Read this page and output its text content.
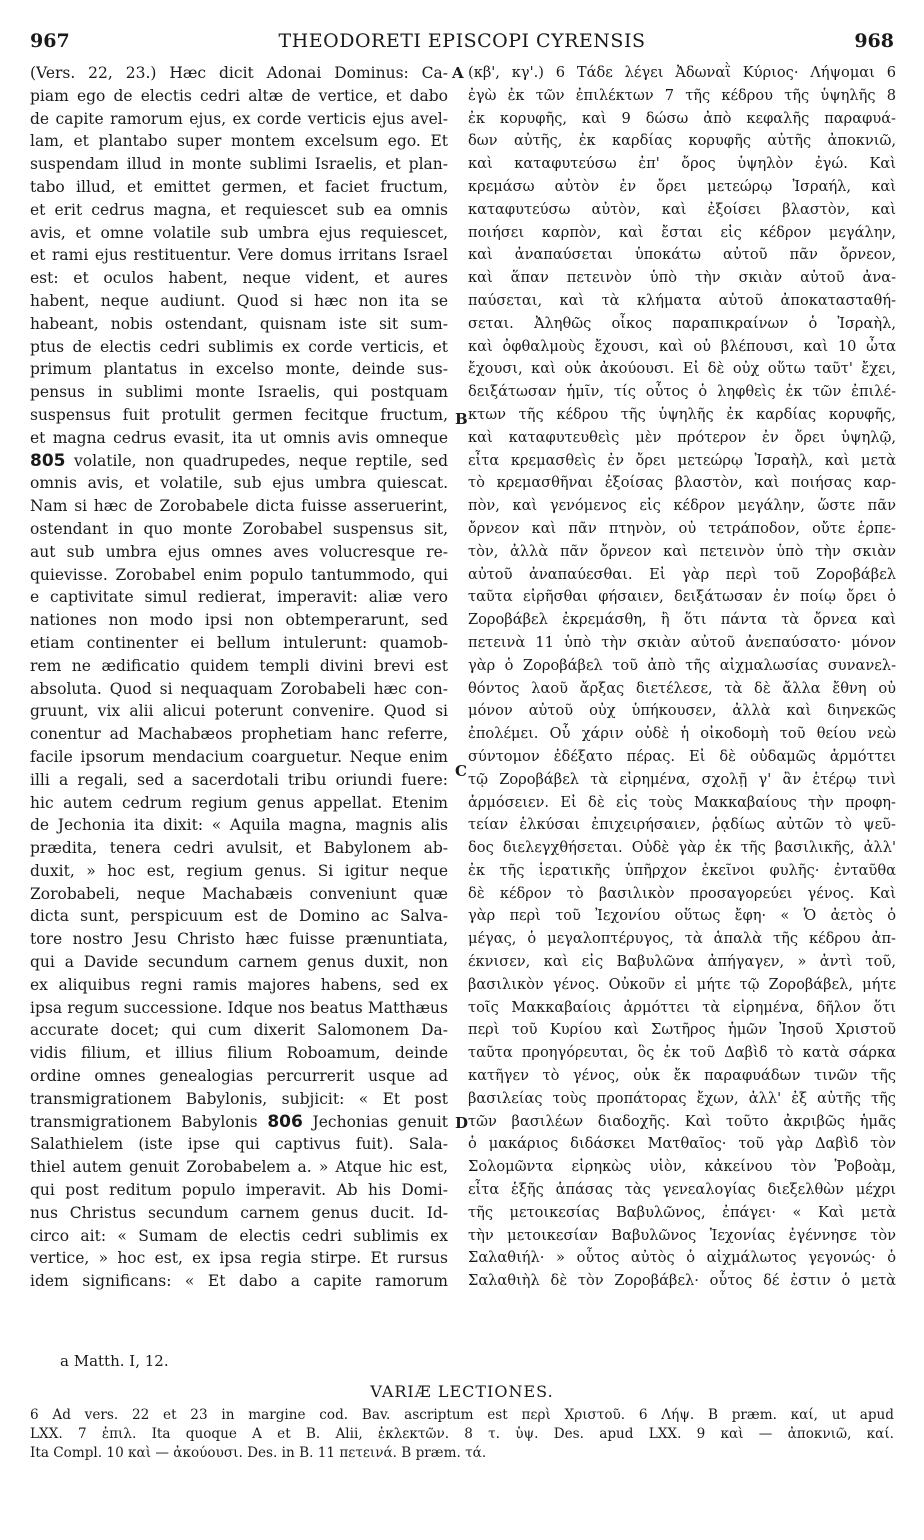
967	THEODORETI EPISCOPI CYRENSIS	968
(Vers. 22, 23.) Hæc dicit Adonai Dominus: Ca-
piam ego de electis cedri altæ de vertice, et dabo
de capite ramorum ejus, ex corde verticis ejus avel-
lam, et plantabo super montem excelsum ego. Et
suspendam illud in monte sublimi Israelis, et plan-
tabo illud, et emittet germen, et faciet fructum,
et erit cedrus magna, et requiescet sub ea omnis
avis, et omne volatile sub umbra ejus requiescet,
et rami ejus restituentur. Vere domus irritans Israel
est: et oculos habent, neque vident, et aures
habent, neque audiunt. Quod si hæc non ita se
habeant, nobis ostendant, quisnam iste sit sum-
ptus de electis cedri sublimis ex corde verticis, et
primum plantatus in excelso monte, deinde sus-
pensus in sublimi monte Israelis, qui postquam
suspensus fuit protulit germen fecitque fructum,
et magna cedrus evasit, ita ut omnis avis omneque
805 volatile, non quadrupedes, neque reptile, sed
omnis avis, et volatile, sub ejus umbra quiescat.
Nam si hæc de Zorobabele dicta fuisse asseruerint,
ostendant in quo monte Zorobabel suspensus sit,
aut sub umbra ejus omnes aves volucresque re-
quievisse. Zorobabel enim populo tantummodo, qui
e captivitate simul redierat, imperavit: aliæ vero
nationes non modo ipsi non obtemperarunt, sed
etiam continenter ei bellum intulerunt: quamob-
rem ne ædificatio quidem templi divini brevi est
absoluta. Quod si nequaquam Zorobabeli hæc con-
gruunt, vix alii alicui poterunt convenire. Quod si
conentur ad Machabæos prophetiam hanc referre,
facile ipsorum mendacium coarguetur. Neque enim
illi a regali, sed a sacerdotali tribu oriundi fuere:
hic autem cedrum regium genus appellat. Etenim
de Jechonia ita dixit: « Aquila magna, magnis alis
prædita, tenera cedri avulsit, et Babylonem ab-
duxit, » hoc est, regium genus. Si igitur neque
Zorobabeli, neque Machabæis conveniunt quæ
dicta sunt, perspicuum est de Domino ac Salva-
tore nostro Jesu Christo hæc fuisse prænuntiata,
qui a Davide secundum carnem genus duxit, non
ex aliquibus regni ramis majores habens, sed ex
ipsa regum successione. Idque nos beatus Matthæus
accurate docet; qui cum dixerit Salomonem Da-
vidis filium, et illius filium Roboamum, deinde
ordine omnes genealogias percurrerit usque ad
transmigrationem Babylonis, subjicit: « Et post
transmigrationem Babylonis 806 Jechonias genuit
Salathielem (iste ipse qui captivus fuit). Sala-
thiel autem genuit Zorobabelem a. » Atque hic est,
qui post reditum populo imperavit. Ab his Domi-
nus Christus secundum carnem genus ducit. Id-
circo ait: « Sumam de electis cedri sublimis ex
vertice, » hoc est, ex ipsa regia stirpe. Et rursus
idem significans: « Et dabo a capite ramorum
(κβ', κγ'.) 6 Τάδε λέγει Ἀδωναῒ Κύριος· Λήψομαι 6
ἐγὼ ἐκ τῶν ἐπιλέκτων 7 τῆς κέδρου τῆς ὑψηλῆς 8
ἐκ κορυφῆς, καὶ 9 δώσω ἀπὸ κεφαλῆς παραφυά-
δων αὐτῆς, ἐκ καρδίας κορυφῆς αὐτῆς ἀποκνιῶ,
καὶ καταφυτεύσω ἐπ' ὄρος ὑψηλὸν ἐγώ. Καὶ
κρεμάσω αὐτὸν ἐν ὄρει μετεώρῳ Ἰσραήλ, καὶ
καταφυτεύσω αὐτὸν, καὶ ἐξοίσει βλαστὸν, καὶ
ποιήσει καρπὸν, καὶ ἔσται εἰς κέδρον μεγάλην,
καὶ ἀναπαύσεται ὑποκάτω αὐτοῦ πᾶν ὄρνεον,
καὶ ἅπαν πετεινὸν ὑπὸ τὴν σκιὰν αὐτοῦ ἀνα-
παύσεται, καὶ τὰ κλήματα αὐτοῦ ἀποκατασταθή-
σεται. Ἀληθῶς οἶκος παραπικραίνων ὁ Ἰσραὴλ,
καὶ ὀφθαλμοὺς ἔχουσι, καὶ οὐ βλέπουσι, καὶ 10 ὦτα
ἔχουσι, καὶ οὐκ ἀκούουσι. Εἰ δὲ οὐχ οὕτω ταῦτ' ἔχει,
δειξάτωσαν ἡμῖν, τίς οὗτος ὁ ληφθεὶς ἐκ τῶν ἐπιλέ-
κτων τῆς κέδρου τῆς ὑψηλῆς ἐκ καρδίας κορυφῆς,
καὶ καταφυτευθεὶς μὲν πρότερον ἐν ὄρει ὑψηλῷ,
εἶτα κρεμασθεὶς ἐν ὄρει μετεώρῳ Ἰσραὴλ, καὶ μετὰ
τὸ κρεμασθῆναι ἐξοίσας βλαστὸν, καὶ ποιήσας καρ-
πὸν, καὶ γενόμενος εἰς κέδρον μεγάλην, ὥστε πᾶν
ὄρνεον καὶ πᾶν πτηνὸν, οὐ τετράποδον, οὔτε ἑρπε-
τὸν, ἀλλὰ πᾶν ὄρνεον καὶ πετεινὸν ὑπὸ τὴν σκιὰν
αὐτοῦ ἀναπαύεσθαι. Εἰ γὰρ περὶ τοῦ Ζοροβάβελ
ταῦτα εἰρῆσθαι φήσαιεν, δειξάτωσαν ἐν ποίῳ ὄρει ὁ
Ζοροβάβελ ἐκρεμάσθη, ἢ ὅτι πάντα τὰ ὄρνεα καὶ
πετεινὰ 11 ὑπὸ τὴν σκιὰν αὐτοῦ ἀνεπαύσατο· μόνον
γὰρ ὁ Ζοροβάβελ τοῦ ἀπὸ τῆς αἰχμαλωσίας συνανελ-
θόντος λαοῦ ἄρξας διετέλεσε, τὰ δὲ ἄλλα ἔθνη οὐ
μόνον αὐτοῦ οὐχ ὑπήκουσεν, ἀλλὰ καὶ διηνεκῶς
ἐπολέμει. Οὗ χάριν οὐδὲ ἡ οἰκοδομὴ τοῦ θείου νεὼ
σύντομον ἐδέξατο πέρας. Εἰ δὲ οὐδαμῶς ἁρμόττει
τῷ Ζοροβάβελ τὰ εἰρημένα, σχολῇ γ' ἂν ἑτέρῳ τινὶ
ἁρμόσειεν. Εἰ δὲ εἰς τοὺς Μακκαβαίους τὴν προφη-
τείαν ἑλκύσαι ἐπιχειρήσαιεν, ῥᾳδίως αὐτῶν τὸ ψεῦ-
δος διελεγχθήσεται. Οὐδὲ γὰρ ἐκ τῆς βασιλικῆς, ἀλλ'
ἐκ τῆς ἱερατικῆς ὑπῆρχον ἐκεῖνοι φυλῆς· ἐνταῦθα
δὲ κέδρον τὸ βασιλικὸν προσαγορεύει γένος. Καὶ
γὰρ περὶ τοῦ Ἰεχονίου οὕτως ἔφη· « Ὁ ἀετὸς ὁ
μέγας, ὁ μεγαλοπτέρυγος, τὰ ἁπαλὰ τῆς κέδρου ἀπ-
έκνισεν, καὶ εἰς Βαβυλῶνα ἀπήγαγεν, » ἀντὶ τοῦ,
βασιλικὸν γένος. Οὐκοῦν εἰ μήτε τῷ Ζοροβάβελ, μήτε
τοῖς Μακκαβαίοις ἁρμόττει τὰ εἰρημένα, δῆλον ὅτι
περὶ τοῦ Κυρίου καὶ Σωτῆρος ἡμῶν Ἰησοῦ Χριστοῦ
ταῦτα προηγόρευται, ὃς ἐκ τοῦ Δαβὶδ τὸ κατὰ σάρκα
κατῆγεν τὸ γένος, οὐκ ἔκ παραφυάδων τινῶν τῆς
βασιλείας τοὺς προπάτορας ἔχων, ἀλλ' ἐξ αὐτῆς τῆς
τῶν βασιλέων διαδοχῆς. Καὶ τοῦτο ἀκριβῶς ἡμᾶς
ὁ μακάριος διδάσκει Ματθαῖος· τοῦ γὰρ Δαβὶδ τὸν
Σολομῶντα εἰρηκὼς υἱὸν, κἀκείνου τὸν Ῥοβοὰμ,
εἶτα ἑξῆς ἁπάσας τὰς γενεαλογίας διεξελθὼν μέχρι
τῆς μετοικεσίας Βαβυλῶνος, ἐπάγει· « Καὶ μετὰ
τὴν μετοικεσίαν Βαβυλῶνος Ἰεχονίας ἐγέννησε τὸν
Σαλαθιήλ· » οὗτος αὐτὸς ὁ αἰχμάλωτος γεγονώς· ὁ
Σαλαθιὴλ δὲ τὸν Ζοροβάβελ· οὗτος δέ ἐστιν ὁ μετὰ
A
B
C
D
a Matth. I, 12.
VARIÆ LECTIONES.
6 Ad vers. 22 et 23 in margine cod. Bav. ascriptum est περὶ Χριστοῦ. 6 Λήψ. B præm. καί, ut apud
LXX. 7 ἐπιλ. Ita quoque A et B. Alii, ἐκλεκτῶν. 8 τ. ὑψ. Des. apud LXX. 9 καὶ — ἀποκνιῶ, καί.
Ita Compl. 10 καὶ — ἀκούουσι. Des. in B. 11 πετεινά. B præm. τά.
